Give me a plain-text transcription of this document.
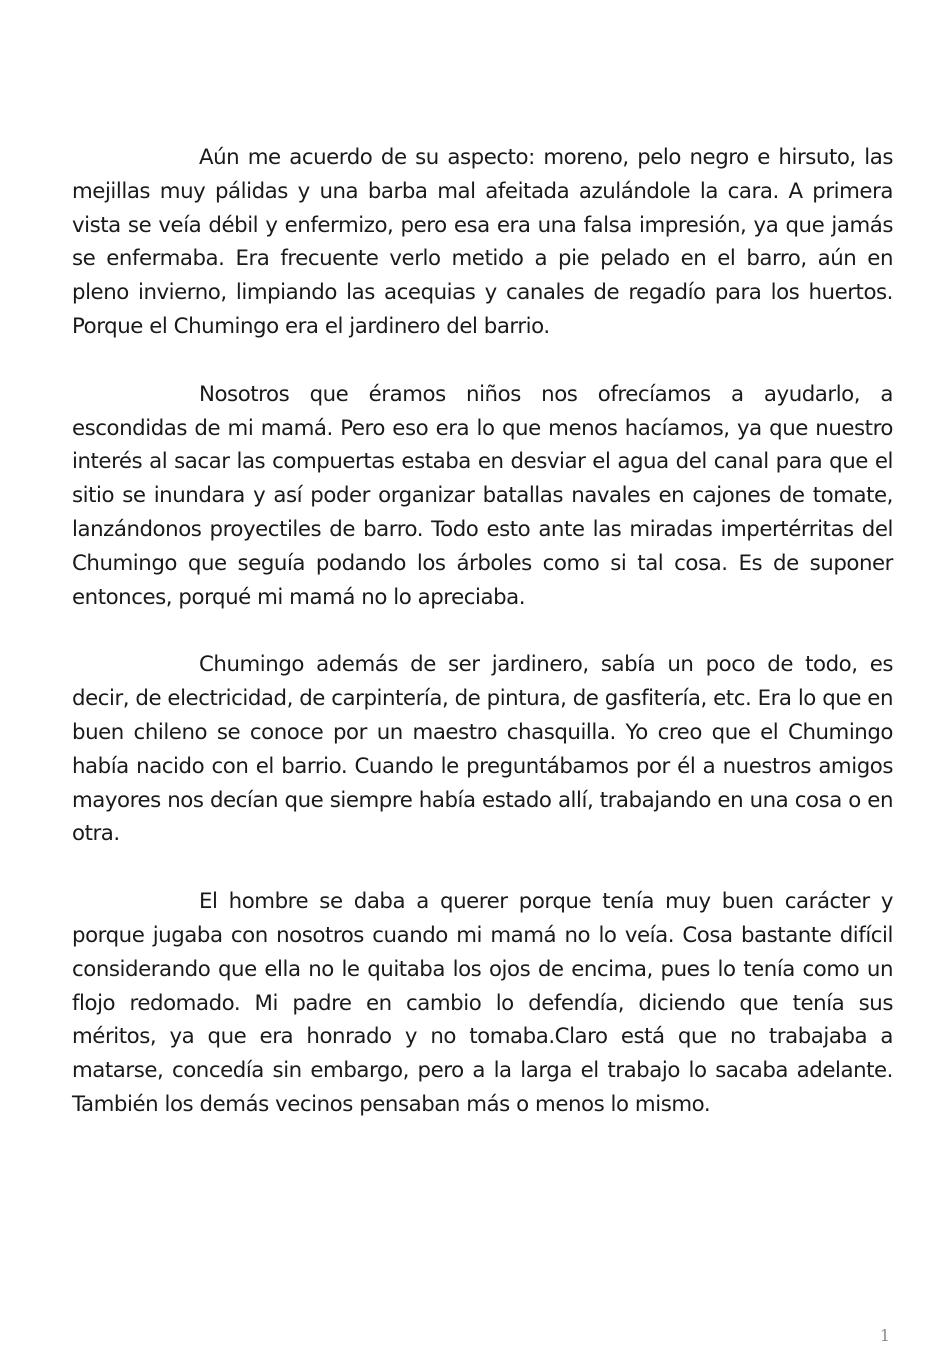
Aún me acuerdo de su aspecto: moreno, pelo negro e hirsuto, las mejillas muy pálidas y una barba mal afeitada azulándole la cara. A primera vista se veía débil y enfermizo, pero esa era una falsa impresión, ya que jamás se enfermaba. Era frecuente verlo metido a pie pelado en el barro, aún en pleno invierno, limpiando las acequias y canales de regadío para los huertos. Porque el Chumingo era el jardinero del barrio.

Nosotros que éramos niños nos ofrecíamos a ayudarlo, a escondidas de mi mamá. Pero eso era lo que menos hacíamos, ya que nuestro interés al sacar las compuertas estaba en desviar el agua del canal para que el sitio se inundara y así poder organizar batallas navales en cajones de tomate, lanzándonos proyectiles de barro. Todo esto ante las miradas impertérritas del Chumingo que seguía podando los árboles como si tal cosa. Es de suponer entonces, porqué mi mamá no lo apreciaba.

Chumingo además de ser jardinero, sabía un poco de todo, es decir, de electricidad, de carpintería, de pintura, de gasfitería, etc. Era lo que en buen chileno se conoce por un maestro chasquilla. Yo creo que el Chumingo había nacido con el barrio. Cuando le preguntábamos por él a nuestros amigos mayores nos decían que siempre había estado allí, trabajando en una cosa o en otra.

El hombre se daba a querer porque tenía muy buen carácter y porque jugaba con nosotros cuando mi mamá no lo veía. Cosa bastante difícil considerando que ella no le quitaba los ojos de encima, pues lo tenía como un flojo redomado. Mi padre en cambio lo defendía, diciendo que tenía sus méritos, ya que era honrado y no tomaba.Claro está que no trabajaba a matarse, concedía sin embargo, pero a la larga el trabajo lo sacaba adelante. También los demás vecinos pensaban más o menos lo mismo.

1
